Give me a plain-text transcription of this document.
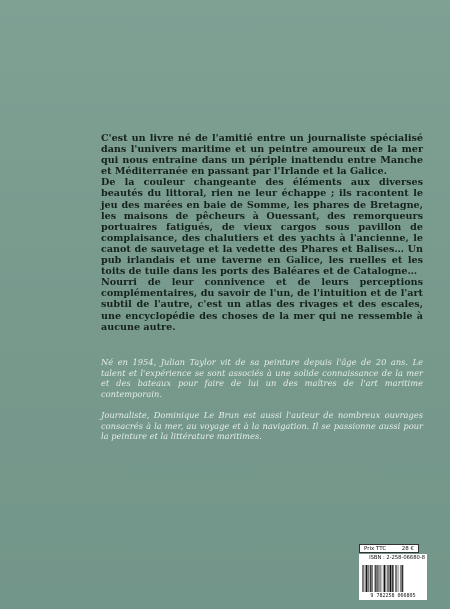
C'est un livre né de l'amitié entre un journaliste spécialisé dans l'univers maritime et un peintre amoureux de la mer qui nous entraine dans un périple inattendu entre Manche et Méditerranée en passant par l'Irlande et la Galice.

De la couleur changeante des éléments aux diverses beautés du littoral, rien ne leur échappe ; ils racontent le jeu des marées en baie de Somme, les phares de Bretagne, les maisons de pêcheurs à Ouessant, des remorqueurs portuaires fatigués, de vieux cargos sous pavillon de complaisance, des chalutiers et des yachts à l'ancienne, le canot de sauvetage et la vedette des Phares et Balises… Un pub irlandais et une taverne en Galice, les ruelles et les toits de tuile dans les ports des Baléares et de Catalogne…

Nourri de leur connivence et de leurs perceptions complémentaires, du savoir de l'un, de l'intuition et de l'art subtil de l'autre, c'est un atlas des rivages et des escales, une encyclopédie des choses de la mer qui ne ressemble à aucune autre.

Né en 1954, Julian Taylor vit de sa peinture depuis l'âge de 20 ans. Le talent et l'expérience se sont associés à une solide connaissance de la mer et des bateaux pour faire de lui un des maîtres de l'art maritime contemporain.

Journaliste, Dominique Le Brun est aussi l'auteur de nombreux ouvrages consacrés à la mer, au voyage et à la navigation. Il se passionne aussi pour la peinture et la littérature maritimes.

Prix TTC	28 €
ISBN : 2-258-06680-8
9 782258 066805
